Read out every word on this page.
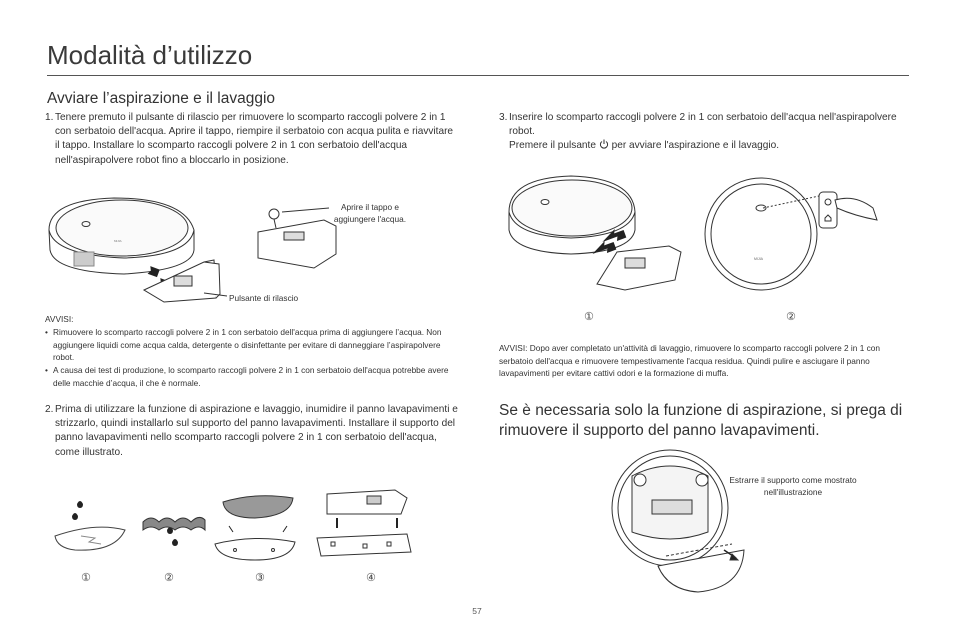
Modalità d’utilizzo
Avviare l’aspirazione e il lavaggio
1. Tenere premuto il pulsante di rilascio per rimuovere lo scomparto raccogli polvere 2 in 1 con serbatoio dell'acqua. Aprire il tappo, riempire il serbatoio con acqua pulita e riavvitare il tappo. Installare lo scomparto raccogli polvere 2 in 1 con serbatoio dell'acqua nell'aspirapolvere robot fino a bloccarlo in posizione.
MIJIA
Aprire il tappo e aggiungere l'acqua.
Pulsante di rilascio
AVVISI:
• Rimuovere lo scomparto raccogli polvere 2 in 1 con serbatoio dell'acqua prima di aggiungere l’acqua. Non aggiungere liquidi come acqua calda, detergente o disinfettante per evitare di danneggiare l’aspirapolvere robot.
• A causa dei test di produzione, lo scomparto raccogli polvere 2 in 1 con serbatoio dell'acqua potrebbe avere delle macchie d’acqua, il che è normale.
2. Prima di utilizzare la funzione di aspirazione e lavaggio, inumidire il panno lavapavimenti e strizzarlo, quindi installarlo sul supporto del panno lavapavimenti. Installare il supporto del panno lavapavimenti nello scomparto raccogli polvere 2 in 1 con serbatoio dell'acqua, come illustrato.
①	②	③	④
3. Inserire lo scomparto raccogli polvere 2 in 1 con serbatoio dell'acqua nell'aspirapolvere robot.
Premere il pulsante per avviare l'aspirazione e il lavaggio.
MIJIA
①	②
AVVISI: Dopo aver completato un'attività di lavaggio, rimuovere lo scomparto raccogli polvere 2 in 1 con serbatoio dell'acqua e rimuovere tempestivamente l'acqua residua. Quindi pulire e asciugare il panno lavapavimenti per evitare cattivi odori e la formazione di muffa.
Se è necessaria solo la funzione di aspirazione, si prega di rimuovere il supporto del panno lavapavimenti.
Estrarre il supporto come mostrato nell'illustrazione
57
